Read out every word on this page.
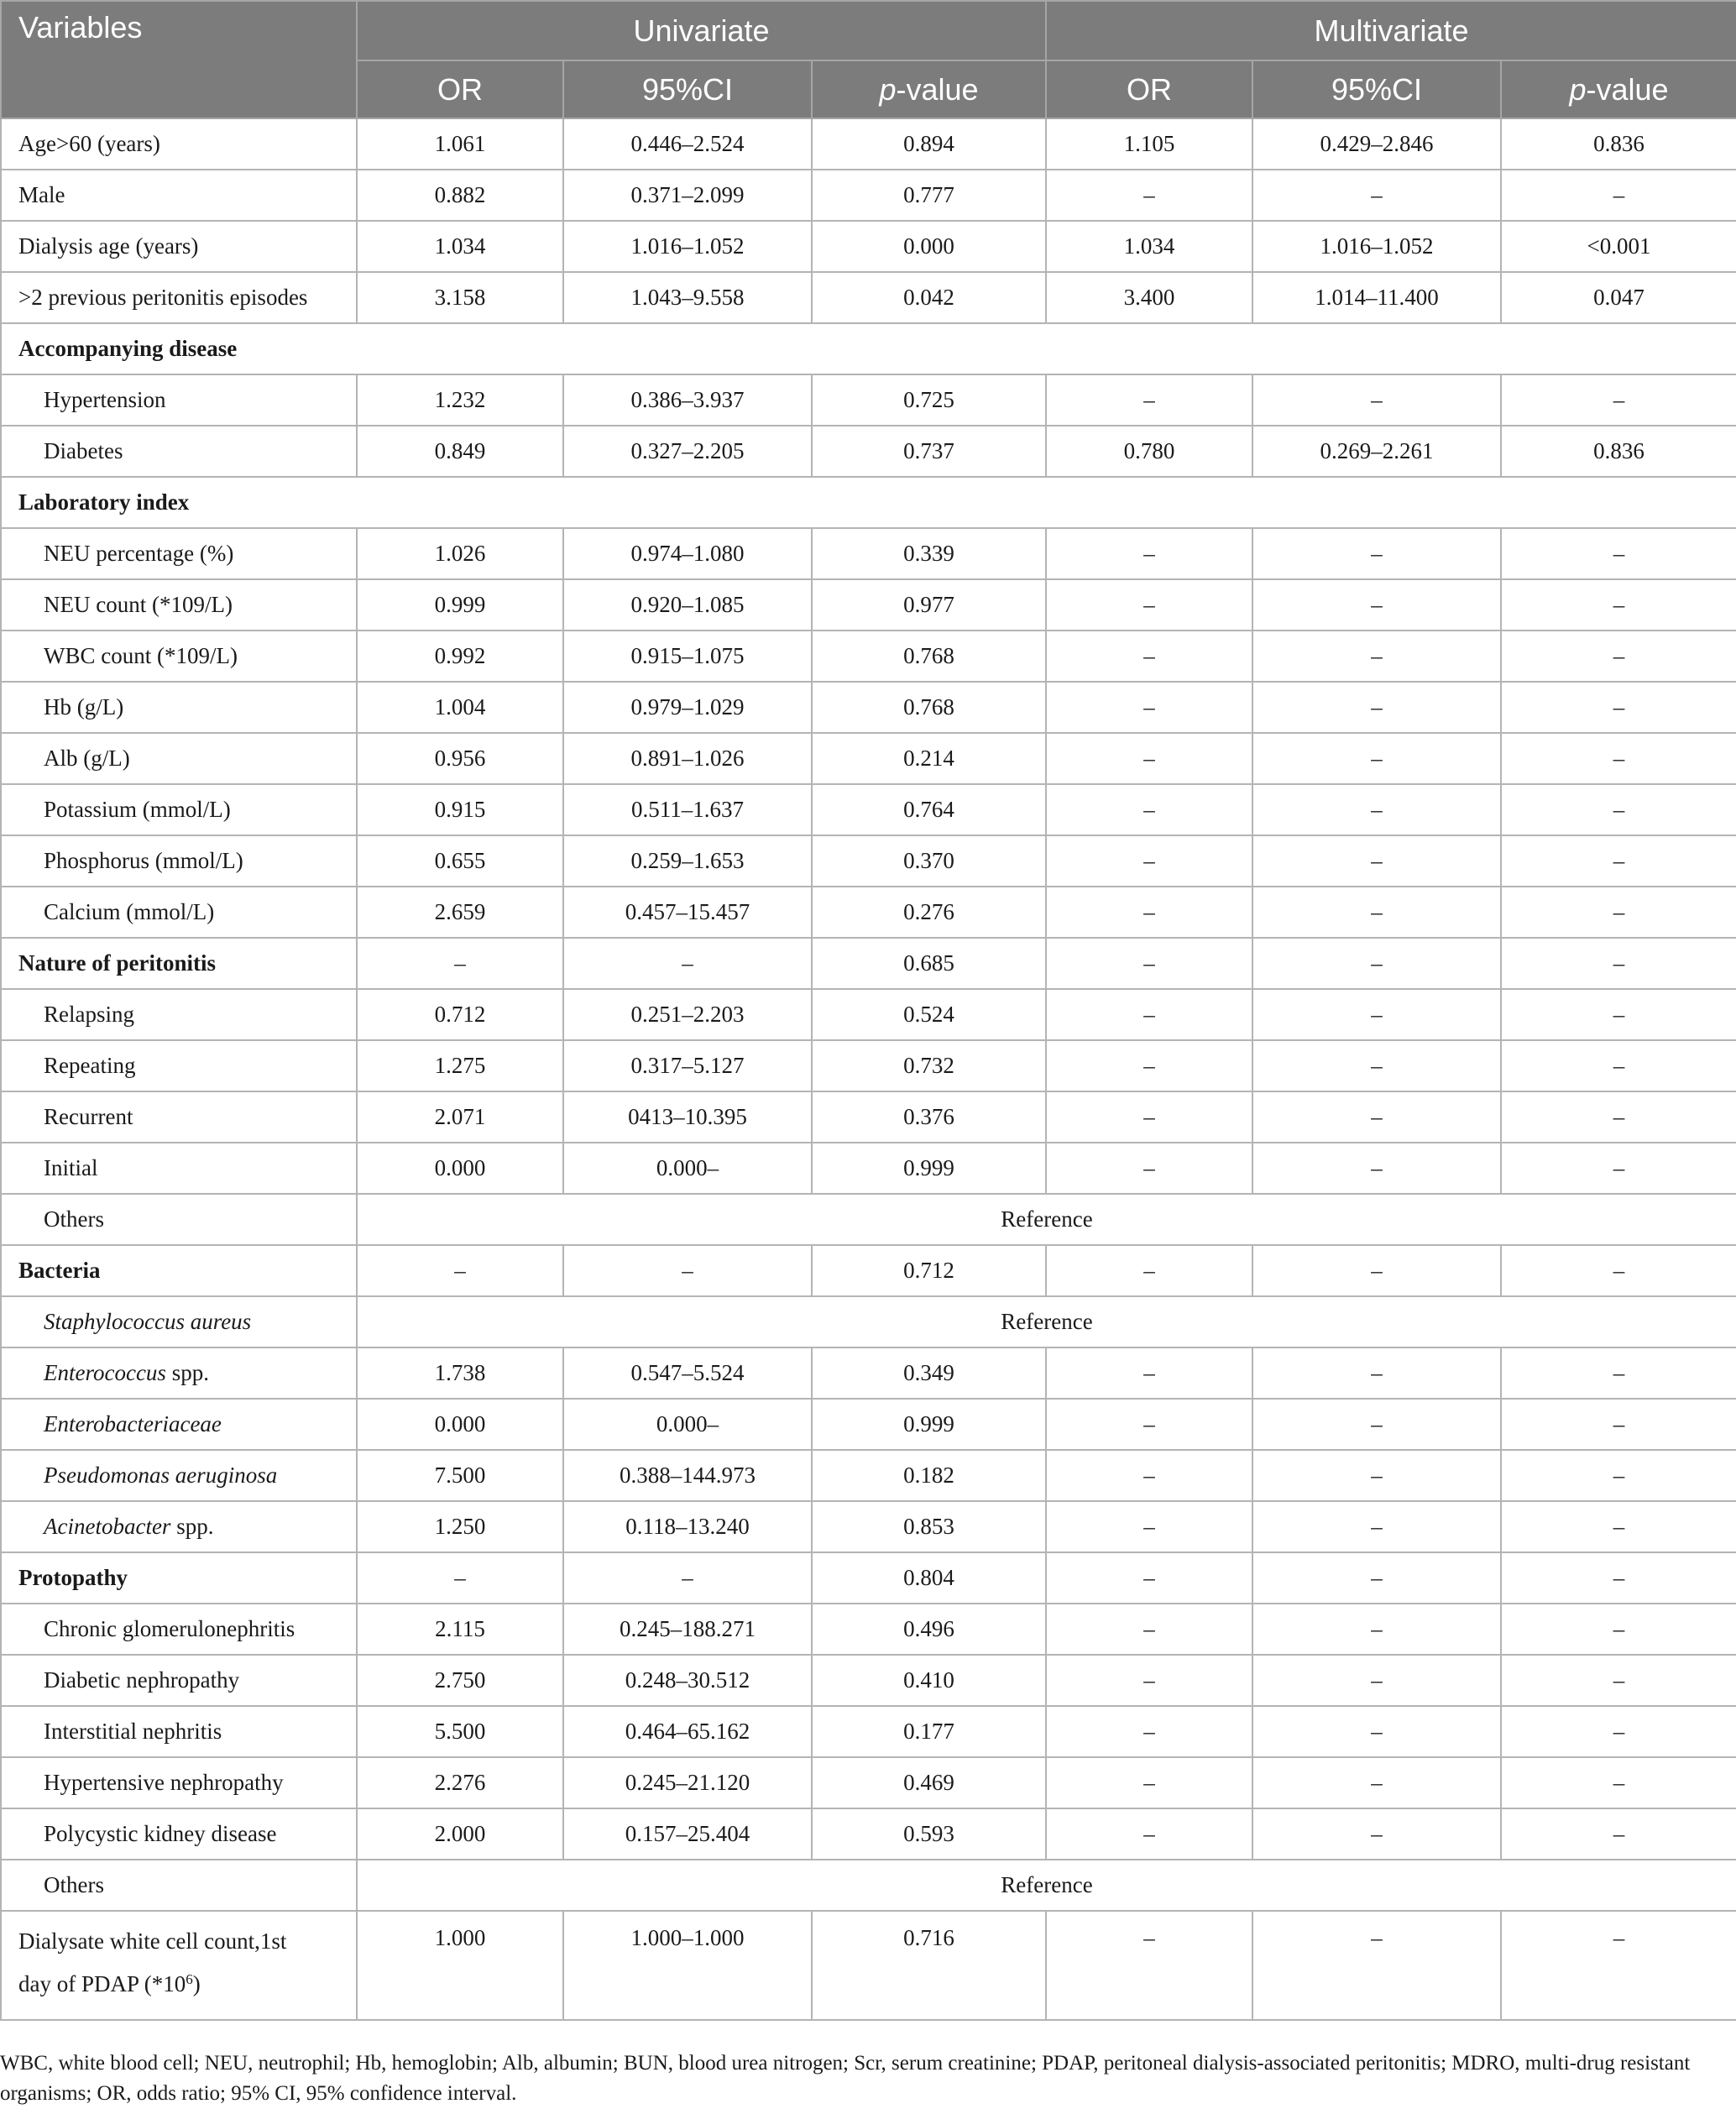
Variables	Univariate			Multivariate		
	OR	95%CI	p-value	OR	95%CI	p-value
Age>60 (years)	1.061	0.446–2.524	0.894	1.105	0.429–2.846	0.836
Male	0.882	0.371–2.099	0.777	–	–	–
Dialysis age (years)	1.034	1.016–1.052	0.000	1.034	1.016–1.052	<0.001
>2 previous peritonitis episodes	3.158	1.043–9.558	0.042	3.400	1.014–11.400	0.047
Accompanying disease						
Hypertension	1.232	0.386–3.937	0.725	–	–	–
Diabetes	0.849	0.327–2.205	0.737	0.780	0.269–2.261	0.836
Laboratory index						
NEU percentage (%)	1.026	0.974–1.080	0.339	–	–	–
NEU count (*109/L)	0.999	0.920–1.085	0.977	–	–	–
WBC count (*109/L)	0.992	0.915–1.075	0.768	–	–	–
Hb (g/L)	1.004	0.979–1.029	0.768	–	–	–
Alb (g/L)	0.956	0.891–1.026	0.214	–	–	–
Potassium (mmol/L)	0.915	0.511–1.637	0.764	–	–	–
Phosphorus (mmol/L)	0.655	0.259–1.653	0.370	–	–	–
Calcium (mmol/L)	2.659	0.457–15.457	0.276	–	–	–
Nature of peritonitis	–	–	0.685	–	–	–
Relapsing	0.712	0.251–2.203	0.524	–	–	–
Repeating	1.275	0.317–5.127	0.732	–	–	–
Recurrent	2.071	0413–10.395	0.376	–	–	–
Initial	0.000	0.000–	0.999	–	–	–
Others	Reference					
Bacteria	–	–	0.712	–	–	–
Staphylococcus aureus	Reference					
Enterococcus spp.	1.738	0.547–5.524	0.349	–	–	–
Enterobacteriaceae	0.000	0.000–	0.999	–	–	–
Pseudomonas aeruginosa	7.500	0.388–144.973	0.182	–	–	–
Acinetobacter spp.	1.250	0.118–13.240	0.853	–	–	–
Protopathy	–	–	0.804	–	–	–
Chronic glomerulonephritis	2.115	0.245–188.271	0.496	–	–	–
Diabetic nephropathy	2.750	0.248–30.512	0.410	–	–	–
Interstitial nephritis	5.500	0.464–65.162	0.177	–	–	–
Hypertensive nephropathy	2.276	0.245–21.120	0.469	–	–	–
Polycystic kidney disease	2.000	0.157–25.404	0.593	–	–	–
Others	Reference					
Dialysate white cell count,1st
day of PDAP $(*10^6)$	1.000	1.000–1.000	0.716	–	–	–
WBC, white blood cell; NEU, neutrophil; Hb, hemoglobin; Alb, albumin; BUN, blood urea nitrogen; Scr, serum creatinine; PDAP, peritoneal dialysis-associated peritonitis; MDRO, multi-drug resistant organisms; OR, odds ratio; 95% CI, 95% confidence interval.
